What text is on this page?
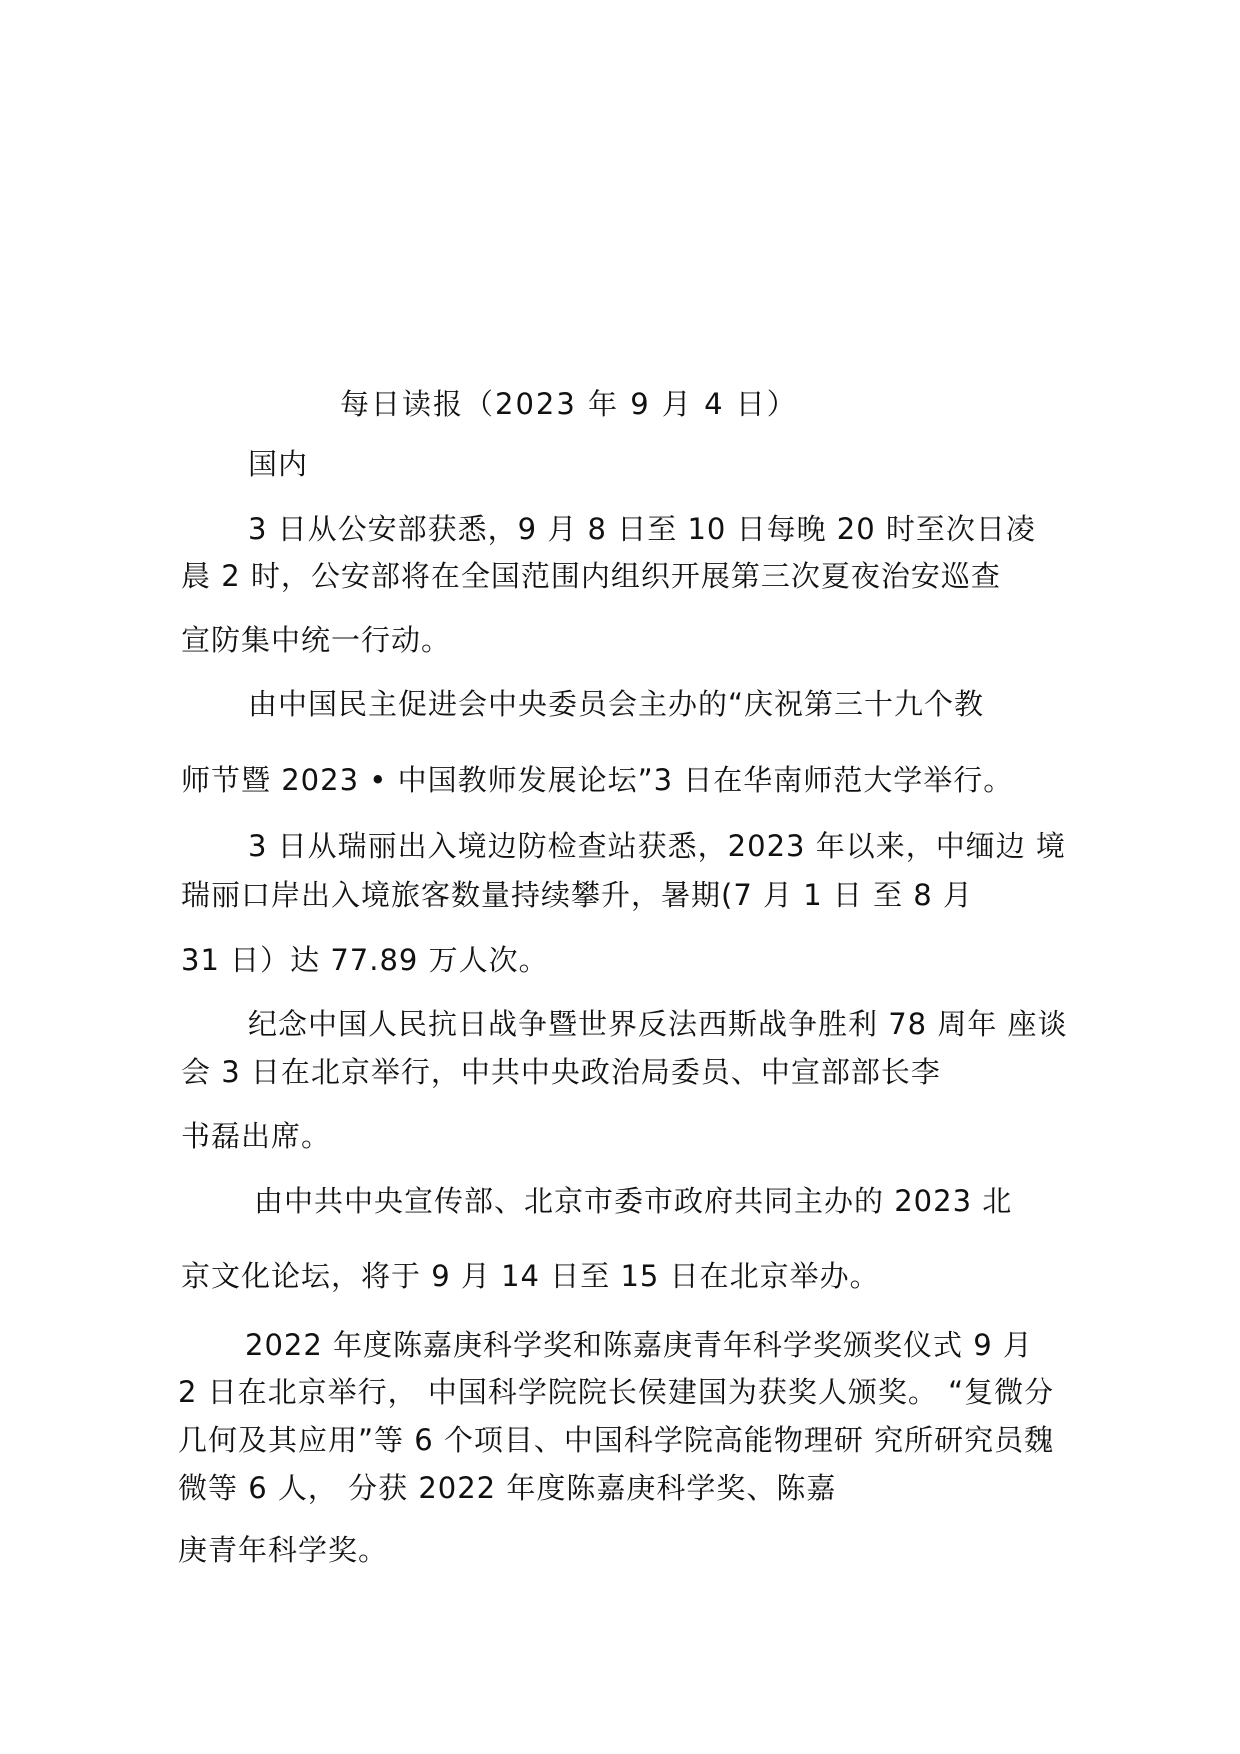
每日读报（2023 年 9 月 4 日）
国内
3 日从公安部获悉，9 月 8 日至 10 日每晚 20 时至次日凌
晨 2 时，公安部将在全国范围内组织开展第三次夏夜治安巡查
宣防集中统一行动。
由中国民主促进会中央委员会主办的“庆祝第三十九个教
师节暨 2023 • 中国教师发展论坛”3 日在华南师范大学举行。
3 日从瑞丽出入境边防检查站获悉，2023 年以来，中缅边 境
瑞丽口岸出入境旅客数量持续攀升，暑期(7 月 1 日 至 8 月
31 日）达 77.89 万人次。
纪念中国人民抗日战争暨世界反法西斯战争胜利 78 周年 座谈
会 3 日在北京举行，中共中央政治局委员、中宣部部长李
书磊出席。
由中共中央宣传部、北京市委市政府共同主办的 2023 北
京文化论坛，将于 9 月 14 日至 15 日在北京举办。
2022 年度陈嘉庚科学奖和陈嘉庚青年科学奖颁奖仪式 9 月
2 日在北京举行， 中国科学院院长侯建国为获奖人颁奖。 “复微分
几何及其应用”等 6 个项目、中国科学院高能物理研 究所研究员魏
微等 6 人， 分获 2022 年度陈嘉庚科学奖、陈嘉
庚青年科学奖。
